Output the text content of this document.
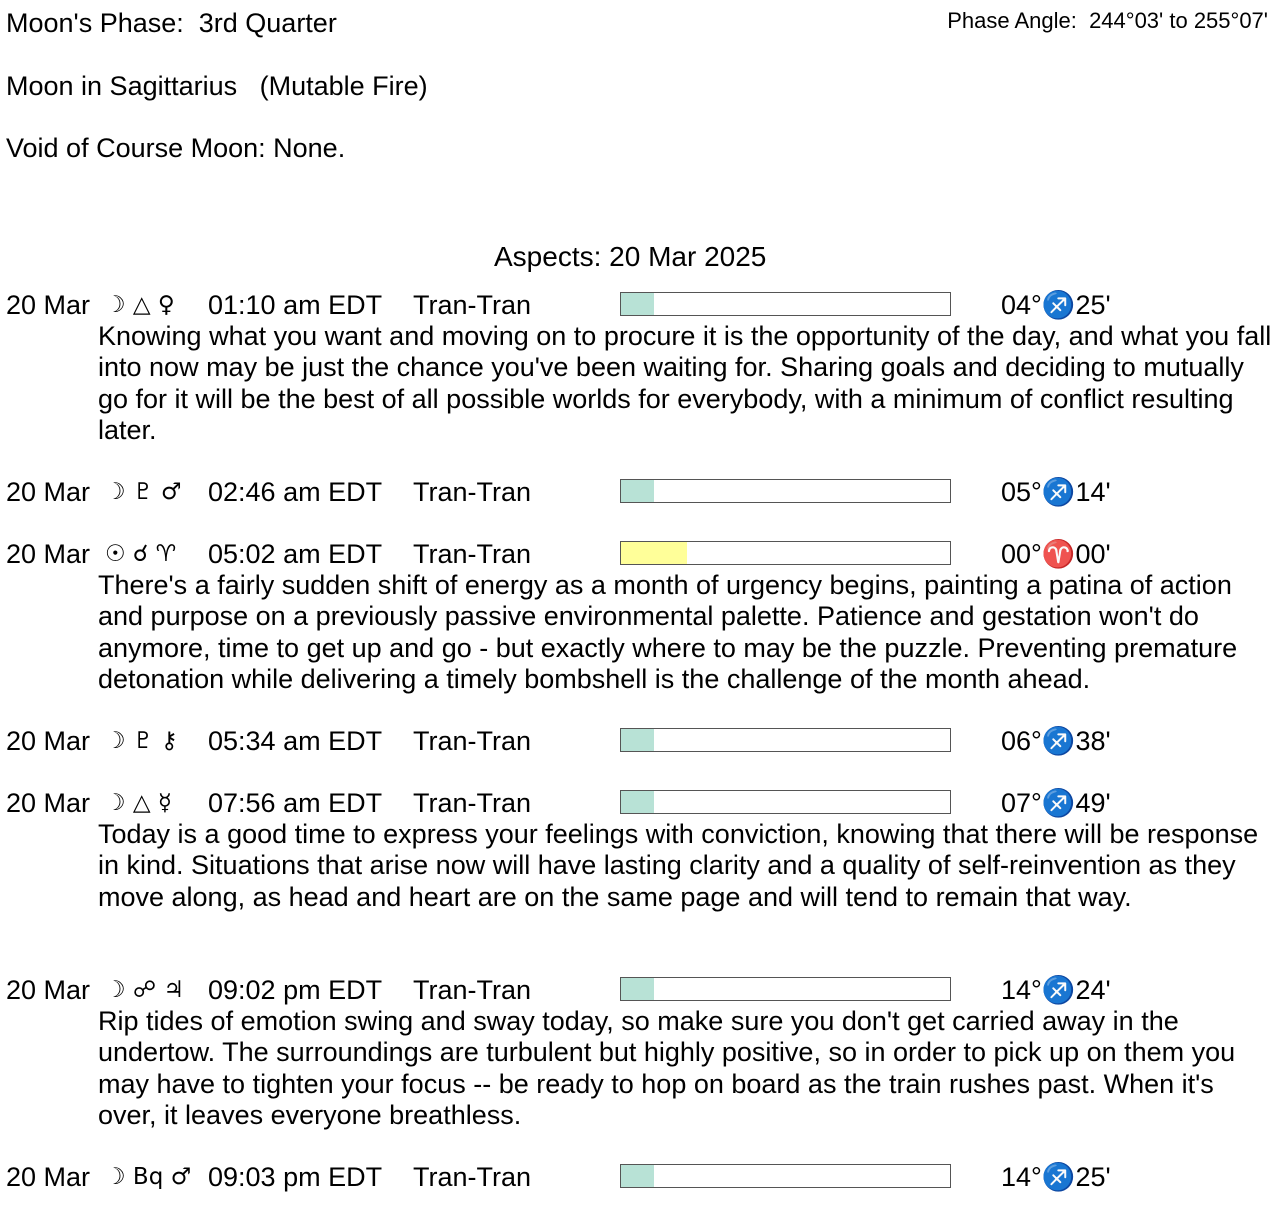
Moon's Phase:  3rd Quarter	Phase Angle:  244°03' to 255°07'
Moon in Sagittarius   (Mutable Fire)
Void of Course Moon: None.
Aspects: 20 Mar 2025
20 Mar ☽ △ ♀ 01:10 am EDT Tran-Tran	04°♐25'

Knowing what you want and moving on to procure it is the opportunity of the day, and what you fall into now may be just the chance you've been waiting for. Sharing goals and deciding to mutually go for it will be the best of all possible worlds for everybody, with a minimum of conflict resulting later.

20 Mar ☽ ♇ ♂ 02:46 am EDT Tran-Tran	05°♐14'
20 Mar ☉ ☌ ♈ 05:02 am EDT Tran-Tran	00°♈00'

There's a fairly sudden shift of energy as a month of urgency begins, painting a patina of action and purpose on a previously passive environmental palette. Patience and gestation won't do anymore, time to get up and go - but exactly where to may be the puzzle. Preventing premature detonation while delivering a timely bombshell is the challenge of the month ahead.

20 Mar ☽ ♇ ⚷ 05:34 am EDT Tran-Tran	06°♐38'
20 Mar ☽ △ ☿ 07:56 am EDT Tran-Tran	07°♐49'

Today is a good time to express your feelings with conviction, knowing that there will be response in kind. Situations that arise now will have lasting clarity and a quality of self-reinvention as they move along, as head and heart are on the same page and will tend to remain that way.

20 Mar ☽ ☍ ♃ 09:02 pm EDT Tran-Tran	14°♐24'

Rip tides of emotion swing and sway today, so make sure you don't get carried away in the undertow. The surroundings are turbulent but highly positive, so in order to pick up on them you may have to tighten your focus -- be ready to hop on board as the train rushes past. When it's over, it leaves everyone breathless.

20 Mar ☽ Bq ♂ 09:03 pm EDT Tran-Tran	14°♐25'
